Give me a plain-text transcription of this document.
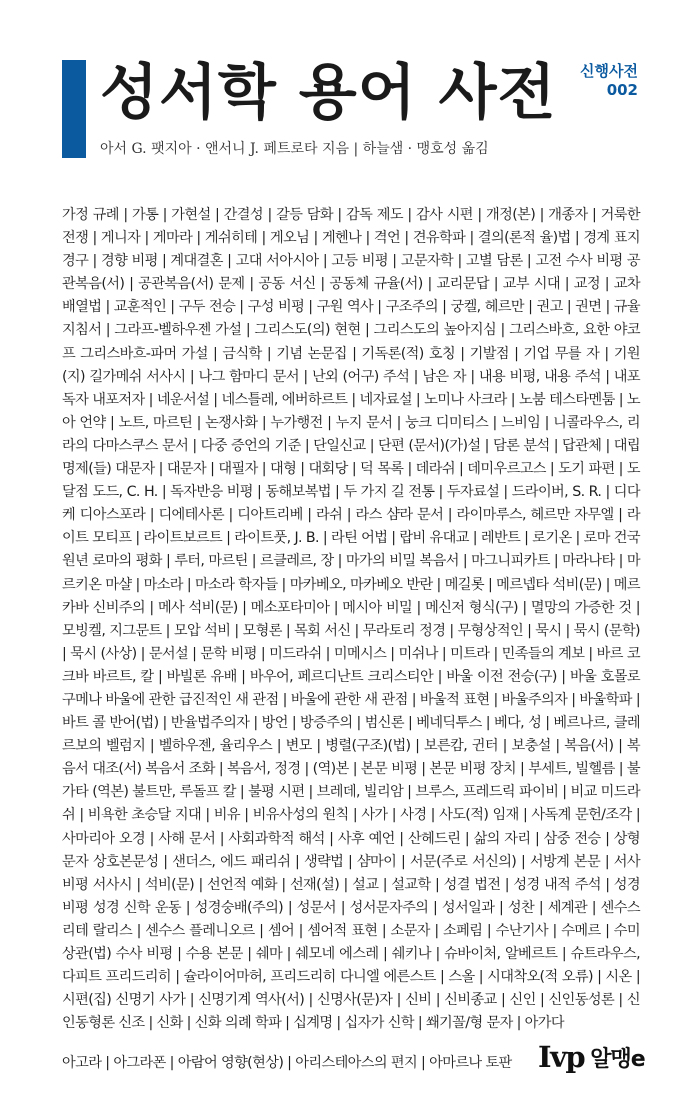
성서학 용어 사전 신행사전
002
아서 G. 팻지아 · 앤서니 J. 페트로타 지음 | 하늘샘 · 맹호성 옮김
가정 규례 | 가통 | 가현설 | 간결성 | 갈등 담화 | 감독 제도 | 감사 시편 | 개정(본) | 개종자 | 거룩한 전쟁 | 게니자 | 게마라 | 게쉬히테 | 게오님 | 게헨나 | 격언 | 견유학파 | 결의(론적 율)법 | 경계 표지 경구 | 경향 비평 | 계대결혼 | 고대 서아시아 | 고등 비평 | 고문자학 | 고별 담론 | 고전 수사 비평 공관복음(서) | 공관복음(서) 문제 | 공동 서신 | 공동체 규율(서) | 교리문답 | 교부 시대 | 교정 | 교차 배열법 | 교훈적인 | 구두 전승 | 구성 비평 | 구원 역사 | 구조주의 | 궁켈, 헤르만 | 권고 | 권면 | 규율 지침서 | 그라프-벨하우젠 가설 | 그리스도(의) 현현 | 그리스도의 높아지심 | 그리스바흐, 요한 야코프 그리스바흐-파머 가설 | 금식학 | 기념 논문집 | 기독론(적) 호칭 | 기발점 | 기업 무를 자 | 기원(지) 길가메쉬 서사시 | 나그 함마디 문서 | 난외 (어구) 주석 | 남은 자 | 내용 비평, 내용 주석 | 내포독자 내포저자 | 네운서설 | 네스틀레, 에버하르트 | 네자료설 | 노미나 사크라 | 노붐 테스타멘툼 | 노아 언약 | 노트, 마르틴 | 논쟁사화 | 누가행전 | 누지 문서 | 눙크 디미티스 | 느비임 | 니콜라우스, 리라의 다마스쿠스 문서 | 다중 증언의 기준 | 단일신교 | 단편 (문서)(가)설 | 담론 분석 | 답관체 | 대립명제(들) 대문자 | 대문자 | 대필자 | 대형 | 대회당 | 덕 목록 | 데라쉬 | 데미우르고스 | 도기 파편 | 도달점 도드, C. H. | 독자반응 비평 | 동해보복법 | 두 가지 길 전통 | 두자료설 | 드라이버, S. R. | 디다케 디아스포라 | 디에테사론 | 디아트리베 | 라쉬 | 라스 샴라 문서 | 라이마루스, 헤르만 자무엘 | 라이트 모티프 | 라이트보르트 | 라이트풋, J. B. | 라틴 어법 | 랍비 유대교 | 레반트 | 로기온 | 로마 건국 원년 로마의 평화 | 루터, 마르틴 | 르클레르, 장 | 마가의 비밀 복음서 | 마그니피카트 | 마라나타 | 마르키온 마샬 | 마소라 | 마소라 학자들 | 마카베오, 마카베오 반란 | 메길롯 | 메르넵타 석비(문) | 메르카바 신비주의 | 메사 석비(문) | 메소포타미아 | 메시아 비밀 | 메신저 형식(구) | 멸망의 가증한 것 | 모빙켈, 지그문트 | 모압 석비 | 모형론 | 목회 서신 | 무라토리 정경 | 무형상적인 | 묵시 | 묵시 (문학) | 묵시 (사상) | 문서설 | 문학 비평 | 미드라쉬 | 미메시스 | 미쉬나 | 미트라 | 민족들의 계보 | 바르 코크바 바르트, 칼 | 바빌론 유배 | 바우어, 페르디난트 크리스티안 | 바울 이전 전승(구) | 바울 호몰로구메나 바울에 관한 급진적인 새 관점 | 바울에 관한 새 관점 | 바울적 표현 | 바울주의자 | 바울학파 | 바트 콜 반어(법) | 반율법주의자 | 방언 | 방증주의 | 범신론 | 베네딕투스 | 베다, 성 | 베르나르, 클레르보의 벨럼지 | 벨하우젠, 율리우스 | 변모 | 병렬(구조)(법) | 보른캄, 귄터 | 보충설 | 복음(서) | 복음서 대조(서) 복음서 조화 | 복음서, 정경 | (역)본 | 본문 비평 | 본문 비평 장치 | 부세트, 빌헬름 | 불가타 (역본) 불트만, 루돌프 칼 | 불평 시편 | 브레데, 빌리암 | 브루스, 프레드릭 파이비 | 비교 미드라쉬 | 비욕한 초승달 지대 | 비유 | 비유사성의 원칙 | 사가 | 사경 | 사도(적) 임재 | 사독계 문헌/조각 | 사마리아 오경 | 사해 문서 | 사회과학적 해석 | 사후 예언 | 산헤드린 | 삶의 자리 | 삼중 전승 | 상형 문자 상호본문성 | 샌더스, 에드 패리쉬 | 생략법 | 샴마이 | 서문(주로 서신의) | 서방계 본문 | 서사 비평 서사시 | 석비(문) | 선언적 예화 | 선재(설) | 설교 | 설교학 | 성결 법전 | 성경 내적 주석 | 성경 비평 성경 신학 운동 | 성경숭배(주의) | 성문서 | 성서문자주의 | 성서일과 | 성찬 | 세계관 | 센수스 리테 랄리스 | 센수스 플레니오르 | 셈어 | 셈어적 표현 | 소문자 | 소페림 | 수난기사 | 수메르 | 수미상관(법) 수사 비평 | 수용 본문 | 쉐마 | 쉐모네 에스레 | 쉐키나 | 슈바이처, 알베르트 | 슈트라우스, 다피트 프리드리히 | 슐라이어마허, 프리드리히 다니엘 에른스트 | 스올 | 시대착오(적 오류) | 시온 | 시편(집) 신명기 사가 | 신명기계 역사(서) | 신명사(문)자 | 신비 | 신비종교 | 신인 | 신인동성론 | 신인동형론 신조 | 신화 | 신화 의례 학파 | 십계명 | 십자가 신학 | 쐐기꼴/형 문자 | 아가다
아고라 | 아그라폰 | 아람어 영향(현상) | 아리스테아스의 편지 | 아마르나 토판 Ivp 알맹e
